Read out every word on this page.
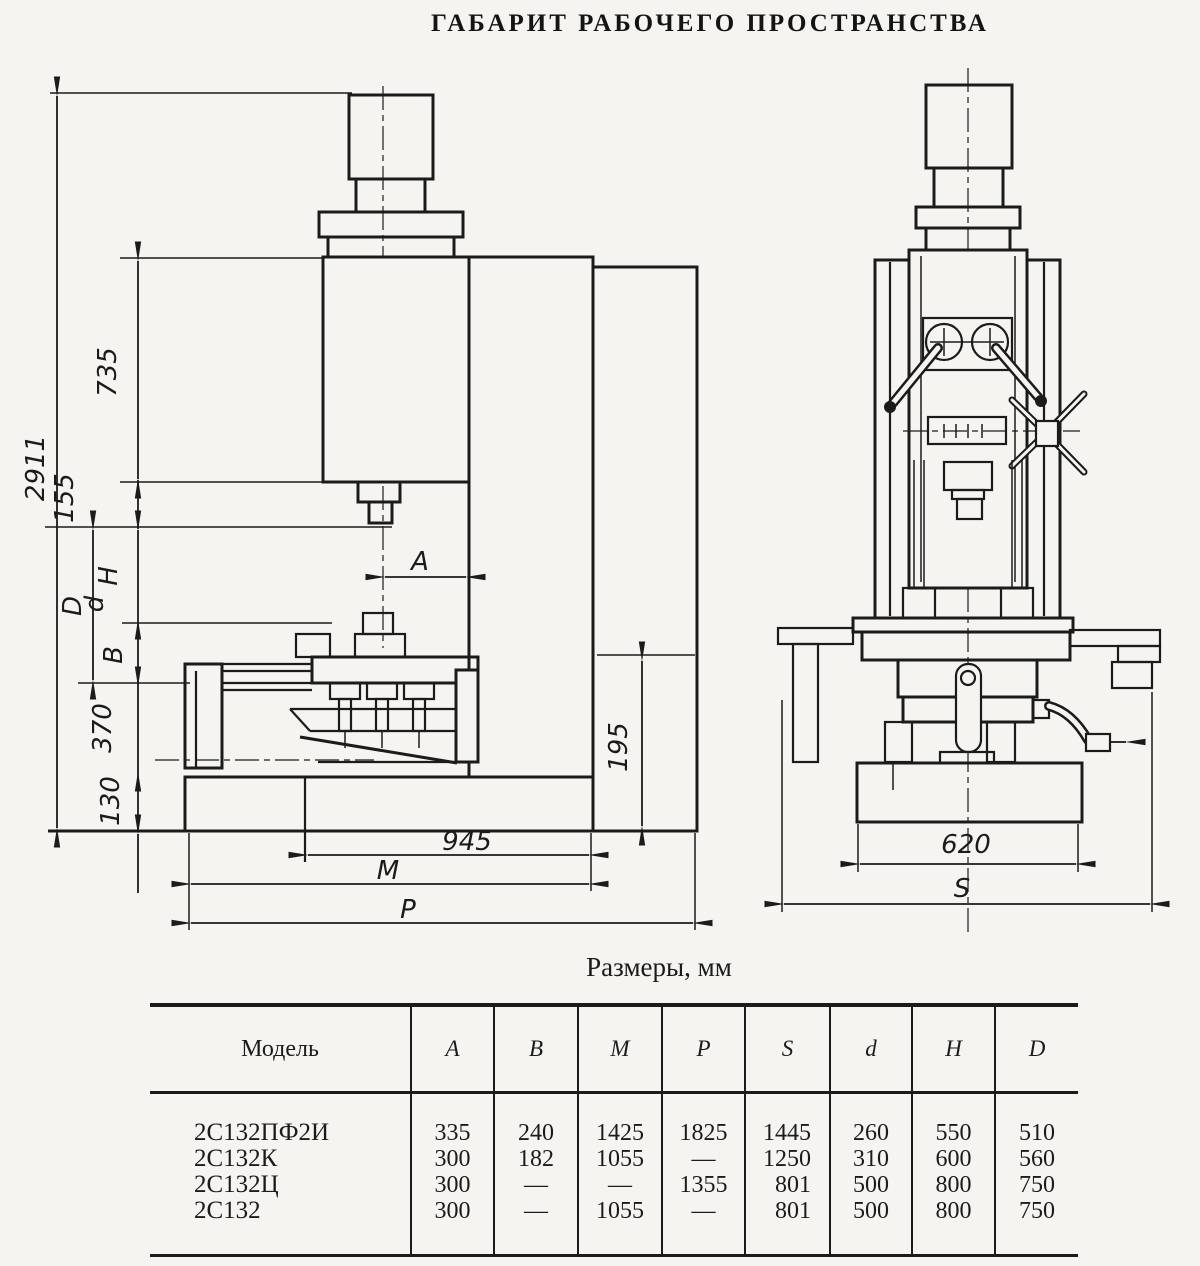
ГАБАРИТ РАБОЧЕГО ПРОСТРАНСТВА
2911
735
155
D
d
H
В
370
130
195
А
945
М
Р
620
S
Размеры, мм
Модель	А	В	М	Р	S	d	Н	D
2С132ПФ2И	335	240	1425	1825	1445	260	550	510
2С132К	300	182	1055	—	1250	310	600	560
2С132Ц	300	—	—	1355	801	500	800	750
2С132	300	—	1055	—	801	500	800	750
